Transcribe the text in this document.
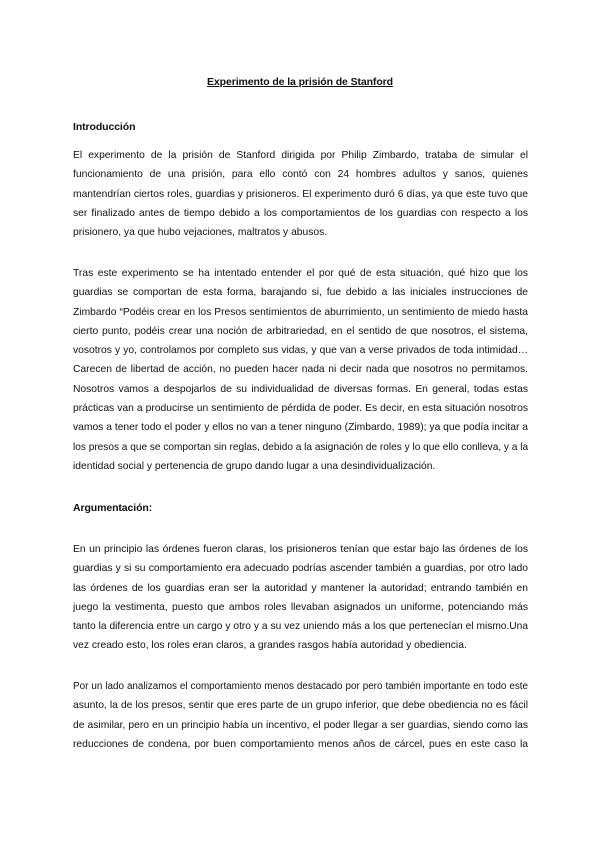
Experimento de la prisión de Stanford
Introducción
El experimento de la prisión de Stanford dirigida por Philip Zimbardo, trataba de simular el
funcionamiento de una prisión, para ello contó con 24 hombres adultos y sanos, quienes
mantendrían ciertos roles, guardias y prisioneros. El experimento duró 6 días, ya que este tuvo que
ser finalizado antes de tiempo debido a los comportamientos de los guardias con respecto a los
prisionero, ya que hubo vejaciones, maltratos y abusos.
Tras este experimento se ha intentado entender el por qué de esta situación, qué hizo que los
guardias se comportan de esta forma, barajando si, fue debido a las iniciales instrucciones de
Zimbardo “Podéis crear en los Presos sentimientos de aburrimiento, un sentimiento de miedo hasta
cierto punto, podéis crear una noción de arbitrariedad, en el sentido de que nosotros, el sistema,
vosotros y yo, controlamos por completo sus vidas, y que van a verse privados de toda intimidad…
Carecen de libertad de acción, no pueden hacer nada ni decir nada que nosotros no permitamos.
Nosotros vamos a despojarlos de su individualidad de diversas formas. En general, todas estas
prácticas van a producirse un sentimiento de pérdida de poder. Es decir, en esta situación nosotros
vamos a tener todo el poder y ellos no van a tener ninguno (Zimbardo, 1989); ya que podía incitar a
los presos a que se comportan sin reglas, debido a la asignación de roles y lo que ello conlleva, y a la
identidad social y pertenencia de grupo dando lugar a una desindividualización.
Argumentación:
En un principio las órdenes fueron claras, los prisioneros tenían que estar bajo las órdenes de los
guardias y si su comportamiento era adecuado podrías ascender también a guardias, por otro lado
las órdenes de los guardias eran ser la autoridad y mantener la autoridad; entrando también en
juego la vestimenta, puesto que ambos roles llevaban asignados un uniforme, potenciando más
tanto la diferencia entre un cargo y otro y a su vez uniendo más a los que pertenecían el mismo.Una
vez creado esto, los roles eran claros, a grandes rasgos había autoridad y obediencia.
Por un lado analizamos el comportamiento menos destacado por pero también importante en todo este
asunto, la de los presos, sentir que eres parte de un grupo inferior, que debe obediencia no es fácil
de asimilar, pero en un principio había un incentivo, el poder llegar a ser guardias, siendo como las
reducciones de condena, por buen comportamiento menos años de cárcel, pues en este caso la
